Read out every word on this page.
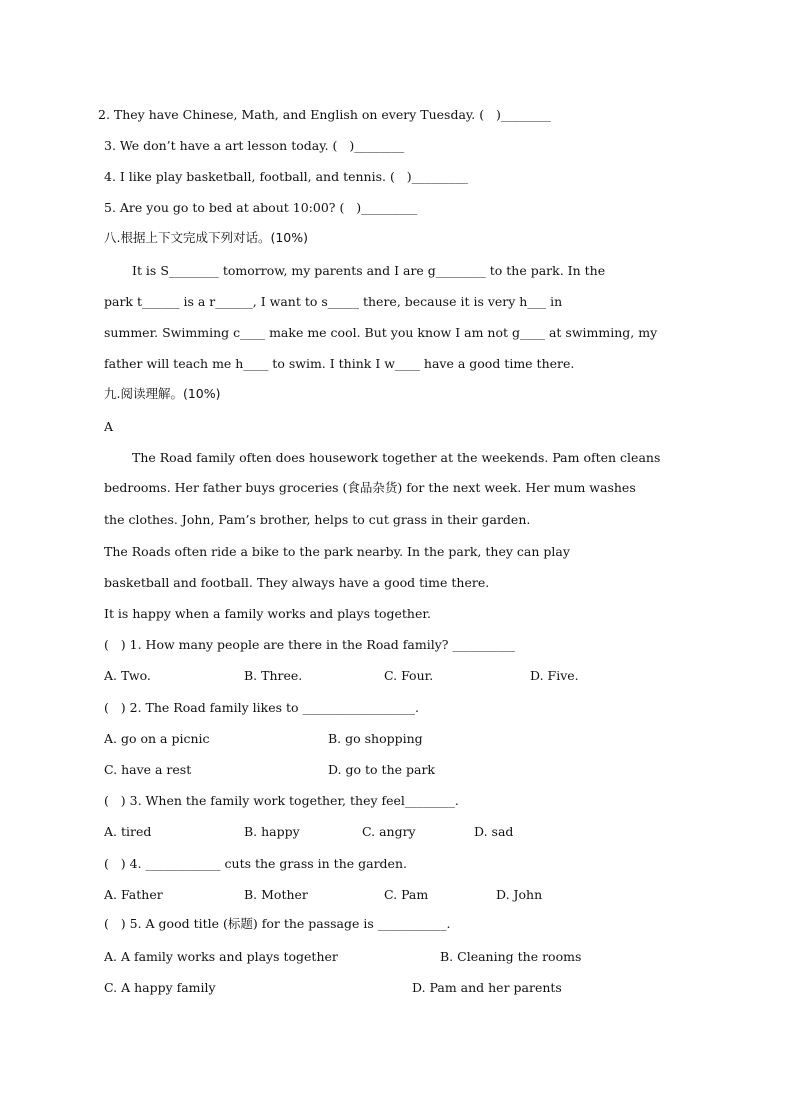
2. They have Chinese, Math, and English on every Tuesday. (   )________
3. We don’t have a art lesson today. (   )________
4. I like play basketball, football, and tennis. (   )_________
5. Are you go to bed at about 10:00? (   )_________
八.根据上下文完成下列对话。(10%)
It is S________ tomorrow, my parents and I are g________ to the park. In the
park t______ is a r______, I want to s_____ there, because it is very h___ in
summer. Swimming c____ make me cool. But you know I am not g____ at swimming, my
father will teach me h____ to swim. I think I w____ have a good time there.
九.阅读理解。(10%)
A
The Road family often does housework together at the weekends. Pam often cleans
bedrooms. Her father buys groceries (食品杂货) for the next week. Her mum washes
the clothes. John, Pam’s brother, helps to cut grass in their garden.
The Roads often ride a bike to the park nearby. In the park, they can play
basketball and football. They always have a good time there.
It is happy when a family works and plays together.
(   ) 1. How many people are there in the Road family? __________
A. Two.	B. Three.	C. Four.	D. Five.
(   ) 2. The Road family likes to __________________.
A. go on a picnic	B. go shopping
C. have a rest	D. go to the park
(   ) 3. When the family work together, they feel________.
A. tired	B. happy	C. angry	D. sad
(   ) 4. ____________ cuts the grass in the garden.
A. Father	B. Mother	C. Pam	D. John
(   ) 5. A good title (标题) for the passage is ___________.
A. A family works and plays together	B. Cleaning the rooms
C. A happy family	D. Pam and her parents
